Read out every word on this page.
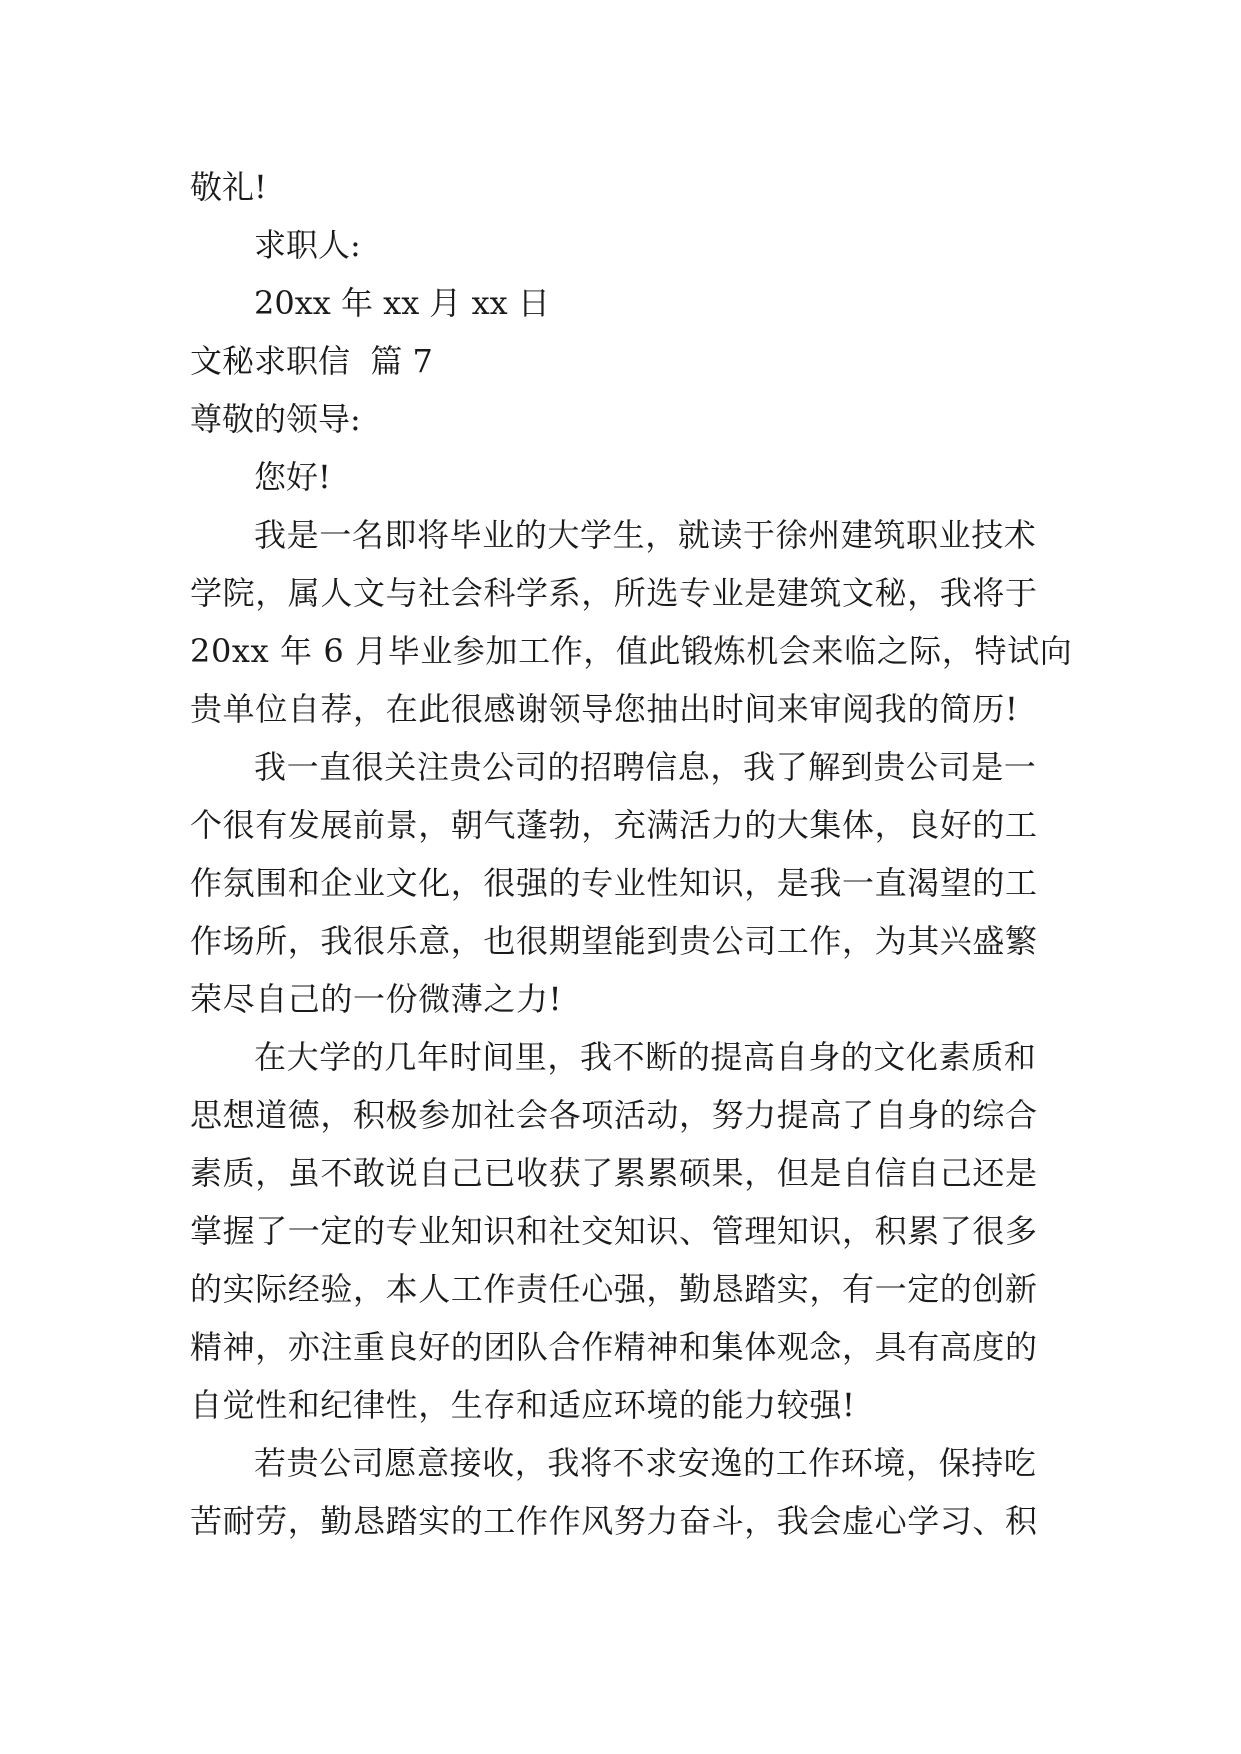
敬礼!
求职人:
20xx 年 xx 月 xx 日
文秘求职信  篇 7
尊敬的领导:
您好!
我是一名即将毕业的大学生，就读于徐州建筑职业技术
学院，属人文与社会科学系，所选专业是建筑文秘，我将于
20xx 年 6 月毕业参加工作，值此锻炼机会来临之际，特试向
贵单位自荐，在此很感谢领导您抽出时间来审阅我的简历!
我一直很关注贵公司的招聘信息，我了解到贵公司是一
个很有发展前景，朝气蓬勃，充满活力的大集体，良好的工
作氛围和企业文化，很强的专业性知识，是我一直渴望的工
作场所，我很乐意，也很期望能到贵公司工作，为其兴盛繁
荣尽自己的一份微薄之力!
在大学的几年时间里，我不断的提高自身的文化素质和
思想道德，积极参加社会各项活动，努力提高了自身的综合
素质，虽不敢说自己已收获了累累硕果，但是自信自己还是
掌握了一定的专业知识和社交知识、管理知识，积累了很多
的实际经验，本人工作责任心强，勤恳踏实，有一定的创新
精神，亦注重良好的团队合作精神和集体观念，具有高度的
自觉性和纪律性，生存和适应环境的能力较强!
若贵公司愿意接收，我将不求安逸的工作环境，保持吃
苦耐劳，勤恳踏实的工作作风努力奋斗，我会虚心学习、积
